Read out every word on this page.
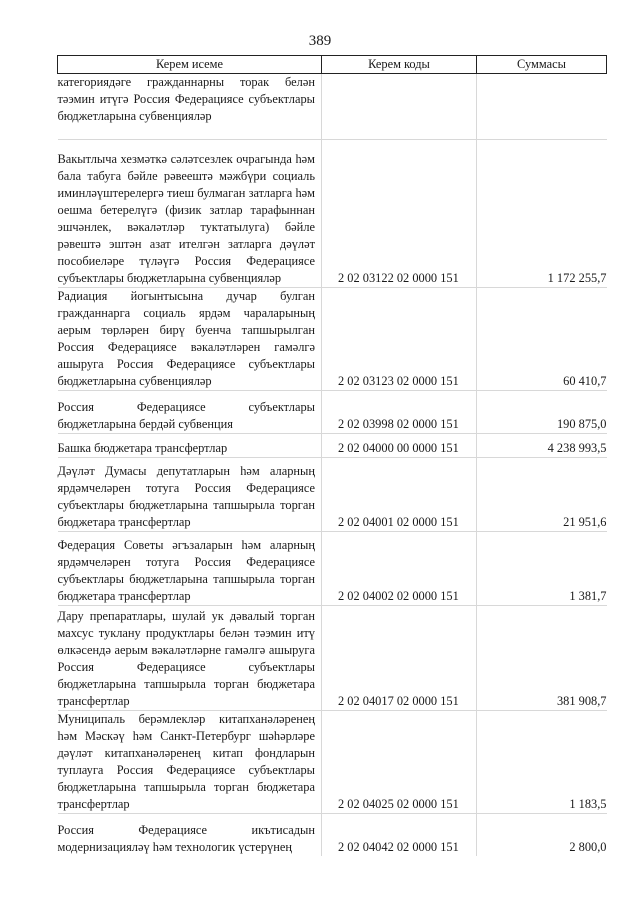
389
Керем исеме	Керем коды	Суммасы
категориядәге гражданнарны торак белән тәэмин итүгә Россия Федерациясе субъектлары бюджетларына субвенцияләр		
Вакытлыча хезмәткә сәләтсезлек очрагында һәм бала табуга бәйле рәвеештә мәжбүри социаль иминләүштерелергә тиеш булмаган затларга һәм оешма бетерелүгә (физик затлар тарафыннан эшчәнлек, вәкаләтләр туктатылуга) бәйле рәвештә эштән азат ителгән затларга дәүләт пособиеләре түләүгә Россия Федерациясе субъектлары бюджетларына субвенцияләр	2 02 03122 02 0000 151	1 172 255,7
Радиация йогынтысына дучар булган гражданнарга социаль ярдәм чараларының аерым төрләрен бирү буенча тапшырылган Россия Федерациясе вәкаләтләрен гамәлгә ашыруга Россия Федерациясе субъектлары бюджетларына субвенцияләр	2 02 03123 02 0000 151	60 410,7
Россия Федерациясе субъектлары бюджетларына бердәй субвенция	2 02 03998 02 0000 151	190 875,0
Башка бюджетара трансфертлар	2 02 04000 00 0000 151	4 238 993,5
Дәүләт Думасы депутатларын һәм аларның ярдәмчеләрен тотуга Россия Федерациясе субъектлары бюджетларына тапшырыла торган бюджетара трансфертлар	2 02 04001 02 0000 151	21 951,6
Федерация Советы әгъзаларын һәм аларның ярдәмчеләрен тотуга Россия Федерациясе субъектлары бюджетларына тапшырыла торган бюджетара трансфертлар	2 02 04002 02 0000 151	1 381,7
Дару препаратлары, шулай ук дәвалый торган махсус туклану продуктлары белән тәэмин итү өлкәсендә аерым вәкаләтләрне гамәлгә ашыруга Россия Федерациясе субъектлары бюджетларына тапшырыла торган бюджетара трансфертлар	2 02 04017 02 0000 151	381 908,7
Муниципаль берәмлекләр китапханәләренең һәм Мәскәү һәм Санкт-Петербург шәһәрләре дәүләт китапханәләренең китап фондларын туплауга Россия Федерациясе субъектлары бюджетларына тапшырыла торган бюджетара трансфертлар	2 02 04025 02 0000 151	1 183,5
Россия Федерациясе икътисадын модернизацияләү һәм технологик үстерүнең	2 02 04042 02 0000 151	2 800,0
